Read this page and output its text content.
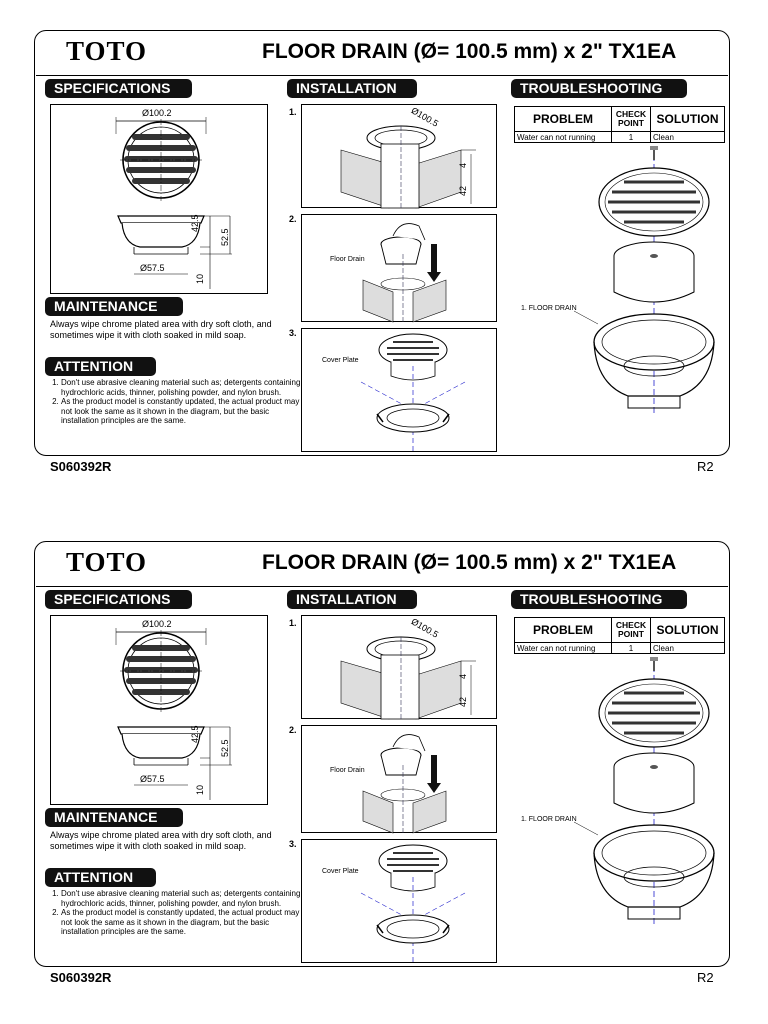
TOTO	FLOOR DRAIN (Ø= 100.5 mm) x 2" TX1EA
SPECIFICATIONS	INSTALLATION	TROUBLESHOOTING
Ø100.2
Ø57.5
42.5
52.5
10
MAINTENANCE
Always wipe chrome plated area with dry soft cloth, and sometimes wipe it with cloth soaked in mild soap.
ATTENTION
1. Don't use abrasive cleaning material such as; detergents containing hydrochloric acids, thinner, polishing powder, and nylon brush.
2. As the product model is constantly updated, the actual product may not look the same as it shown in the diagram, but the basic installation principles are the same.
1.	Ø100.5
4
42
2.
Floor Drain
3.
Cover Plate
PROBLEM	CHECK POINT	SOLUTION
Water can not running	1	Clean
1. FLOOR DRAIN
S060392R	R2
TOTO	FLOOR DRAIN (Ø= 100.5 mm) x 2" TX1EA
SPECIFICATIONS	INSTALLATION	TROUBLESHOOTING
Ø100.2
Ø57.5
42.5
52.5
10
MAINTENANCE
Always wipe chrome plated area with dry soft cloth, and sometimes wipe it with cloth soaked in mild soap.
ATTENTION
1. Don't use abrasive cleaning material such as; detergents containing hydrochloric acids, thinner, polishing powder, and nylon brush.
2. As the product model is constantly updated, the actual product may not look the same as it shown in the diagram, but the basic installation principles are the same.
1.	Ø100.5
4
42
2.
Floor Drain
3.
Cover Plate
PROBLEM	CHECK POINT	SOLUTION
Water can not running	1	Clean
1. FLOOR DRAIN
S060392R	R2
